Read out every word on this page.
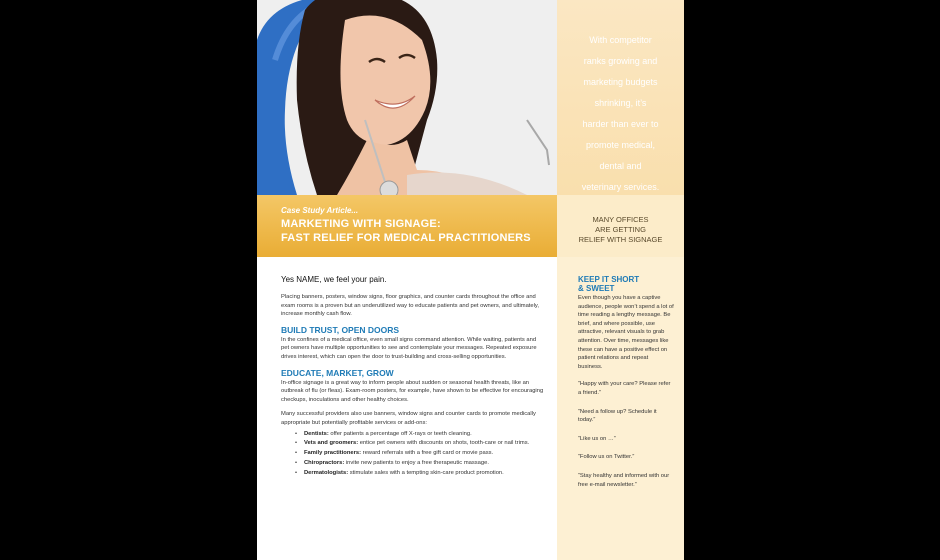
With competitor
ranks growing and
marketing budgets
shrinking, it’s
harder than ever to
promote medical,
dental and
veterinary services.
Case Study Article...
MARKETING WITH SIGNAGE:
FAST RELIEF FOR MEDICAL PRACTITIONERS
MANY OFFICES
ARE GETTING
RELIEF WITH SIGNAGE
Yes NAME, we feel your pain.

Placing banners, posters, window signs, floor graphics, and counter cards throughout the office and exam rooms is a proven but an underutilized way to educate patients and pet owners, and ultimately, increase monthly cash flow.

BUILD TRUST, OPEN DOORS

In the confines of a medical office, even small signs command attention. While waiting, patients and pet owners have multiple opportunities to see and contemplate your messages. Repeated exposure drives interest, which can open the door to trust-building and cross-selling opportunities.

EDUCATE, MARKET, GROW

In-office signage is a great way to inform people about sudden or seasonal health threats, like an outbreak of flu (or fleas). Exam-room posters, for example, have shown to be effective for encouraging checkups, inoculations and other healthy choices.

Many successful providers also use banners, window signs and counter cards to promote medically appropriate but potentially profitable services or add-ons:

• Dentists: offer patients a percentage off X-rays or teeth cleaning.
• Vets and groomers: entice pet owners with discounts on shots, tooth-care or nail trims.
• Family practitioners: reward referrals with a free gift card or movie pass.
• Chiropractors: invite new patients to enjoy a free therapeutic massage.
• Dermatologists: stimulate sales with a tempting skin-care product promotion.
KEEP IT SHORT
& SWEET

Even though you have a captive audience, people won’t spend a lot of time reading a lengthy message. Be brief, and where possible, use attractive, relevant visuals to grab attention. Over time, messages like these can have a positive effect on patient relations and repeat business.

“Happy with your care? Please refer a friend.”

“Need a follow up? Schedule it today.”

“Like us on …”

“Follow us on Twitter.”

“Stay healthy and informed with our free e-mail newsletter.”
